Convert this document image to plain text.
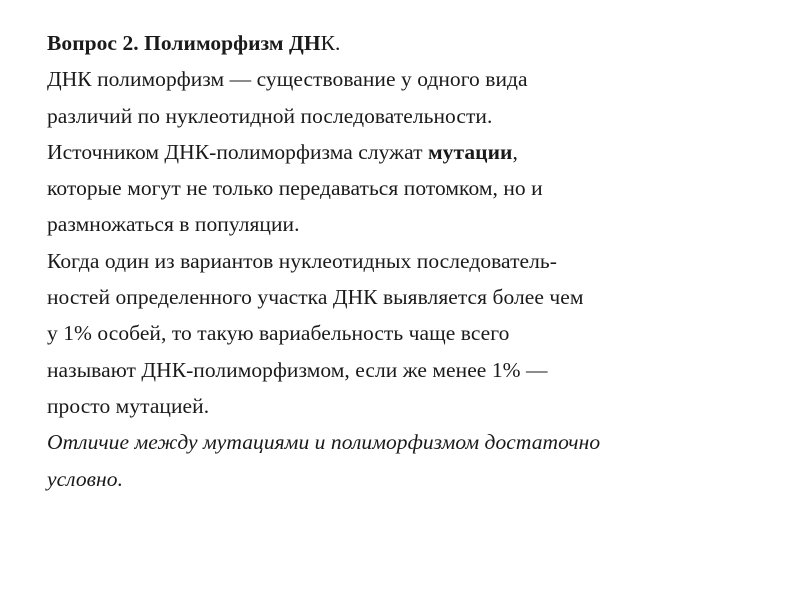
Вопрос 2. Полиморфизм ДНК.
ДНК полиморфизм — существование у одного вида
различий по нуклеотидной последовательности.
Источником ДНК-полиморфизма служат мутации,
которые могут не только передаваться потомком, но и
размножаться в популяции.
Когда один из вариантов нуклеотидных последователь-
ностей определенного участка ДНК выявляется более чем
у 1% особей, то такую вариабельность чаще всего
называют ДНК-полиморфизмом, если же менее 1% —
просто мутацией.
Отличие между мутациями и полиморфизмом достаточно
условно.
